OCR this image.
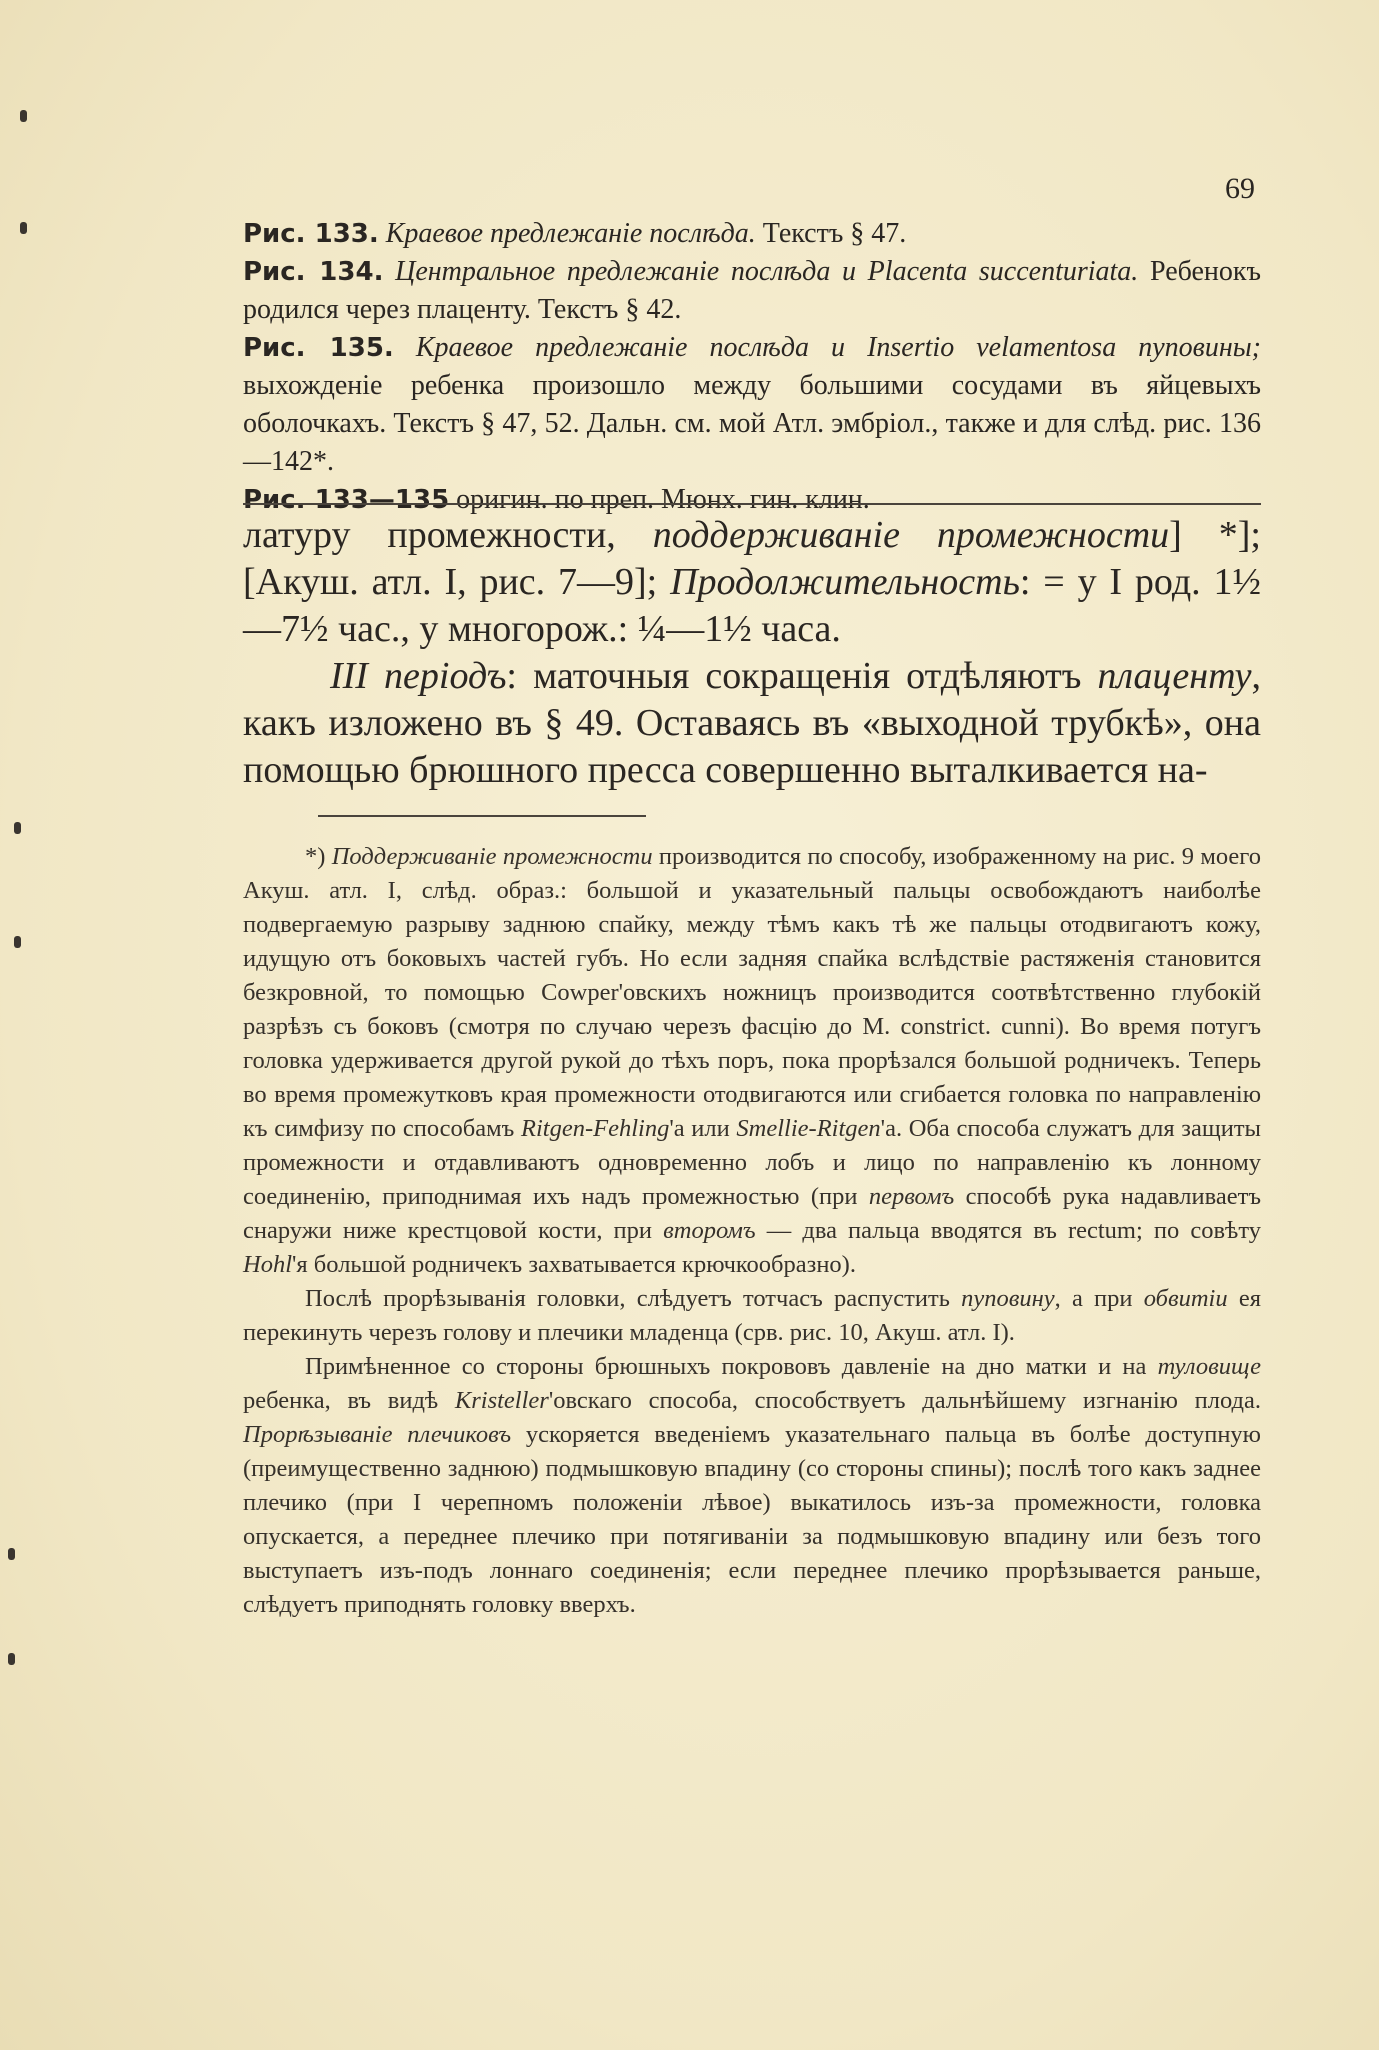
69

Рис. 133. Краевое предлежаніе послѣда. Текстъ § 47.

Рис. 134. Центральное предлежаніе послѣда и Placenta succenturiata. Ребенокъ родился через плаценту. Текстъ § 42.

Рис. 135. Краевое предлежаніе послѣда и Insertio velamentosa пуповины; выхожденіе ребенка произошло между большими сосудами въ яйцевыхъ оболочкахъ. Текстъ § 47, 52. Дальн. см. мой Атл. эмбріол., также и для слѣд. рис. 136—142*.

Рис. 133—135 оригин. по преп. Мюнх. гин. клин.

латуру промежности, поддерживаніе промежности] *]; [Акуш. атл. I, рис. 7—9]; Продолжительность: = у I род. 1½—7½ час., у многорож.: ¼—1½ часа.

III періодъ: маточныя сокращенія отдѣляютъ плаценту, какъ изложено въ § 49. Оставаясь въ «выходной трубкѣ», она помощью брюшного пресса совершенно выталкивается на-

*) Поддерживаніе промежности производится по способу, изображенному на рис. 9 моего Акуш. атл. I, слѣд. образ.: большой и указательный пальцы освобождаютъ наиболѣе подвергаемую разрыву заднюю спайку, между тѣмъ какъ тѣ же пальцы отодвигаютъ кожу, идущую отъ боковыхъ частей губъ. Но если задняя спайка вслѣдствіе растяженія становится безкровной, то помощью Cowper'овскихъ ножницъ производится соотвѣтственно глубокій разрѣзъ съ боковъ (смотря по случаю черезъ фасцію до M. constrict. cunni). Во время потугъ головка удерживается другой рукой до тѣхъ поръ, пока прорѣзался большой родничекъ. Теперь во время промежутковъ края промежности отодвигаются или сгибается головка по направленію къ симфизу по способамъ Ritgen-Fehling'а или Smellie-Ritgen'а. Оба способа служатъ для защиты промежности и отдавливаютъ одновременно лобъ и лицо по направленію къ лонному соединенію, приподнимая ихъ надъ промежностью (при первомъ способѣ рука надавливаетъ снаружи ниже крестцовой кости, при второмъ — два пальца вводятся въ rectum; по совѣту Hohl'я большой родничекъ захватывается крючкообразно).

Послѣ прорѣзыванія головки, слѣдуетъ тотчасъ распустить пуповину, а при обвитіи ея перекинуть черезъ голову и плечики младенца (срв. рис. 10, Акуш. атл. I).

Примѣненное со стороны брюшныхъ покрововъ давленіе на дно матки и на туловище ребенка, въ видѣ Kristeller'овскаго способа, способствуетъ дальнѣйшему изгнанію плода. Прорѣзываніе плечиковъ ускоряется введеніемъ указательнаго пальца въ болѣе доступную (преимущественно заднюю) подмышковую впадину (со стороны спины); послѣ того какъ заднее плечико (при I черепномъ положеніи лѣвое) выкатилось изъ-за промежности, головка опускается, а переднее плечико при потягиваніи за подмышковую впадину или безъ того выступаетъ изъ-подъ лоннаго соединенія; если переднее плечико прорѣзывается раньше, слѣдуетъ приподнять головку вверхъ.
